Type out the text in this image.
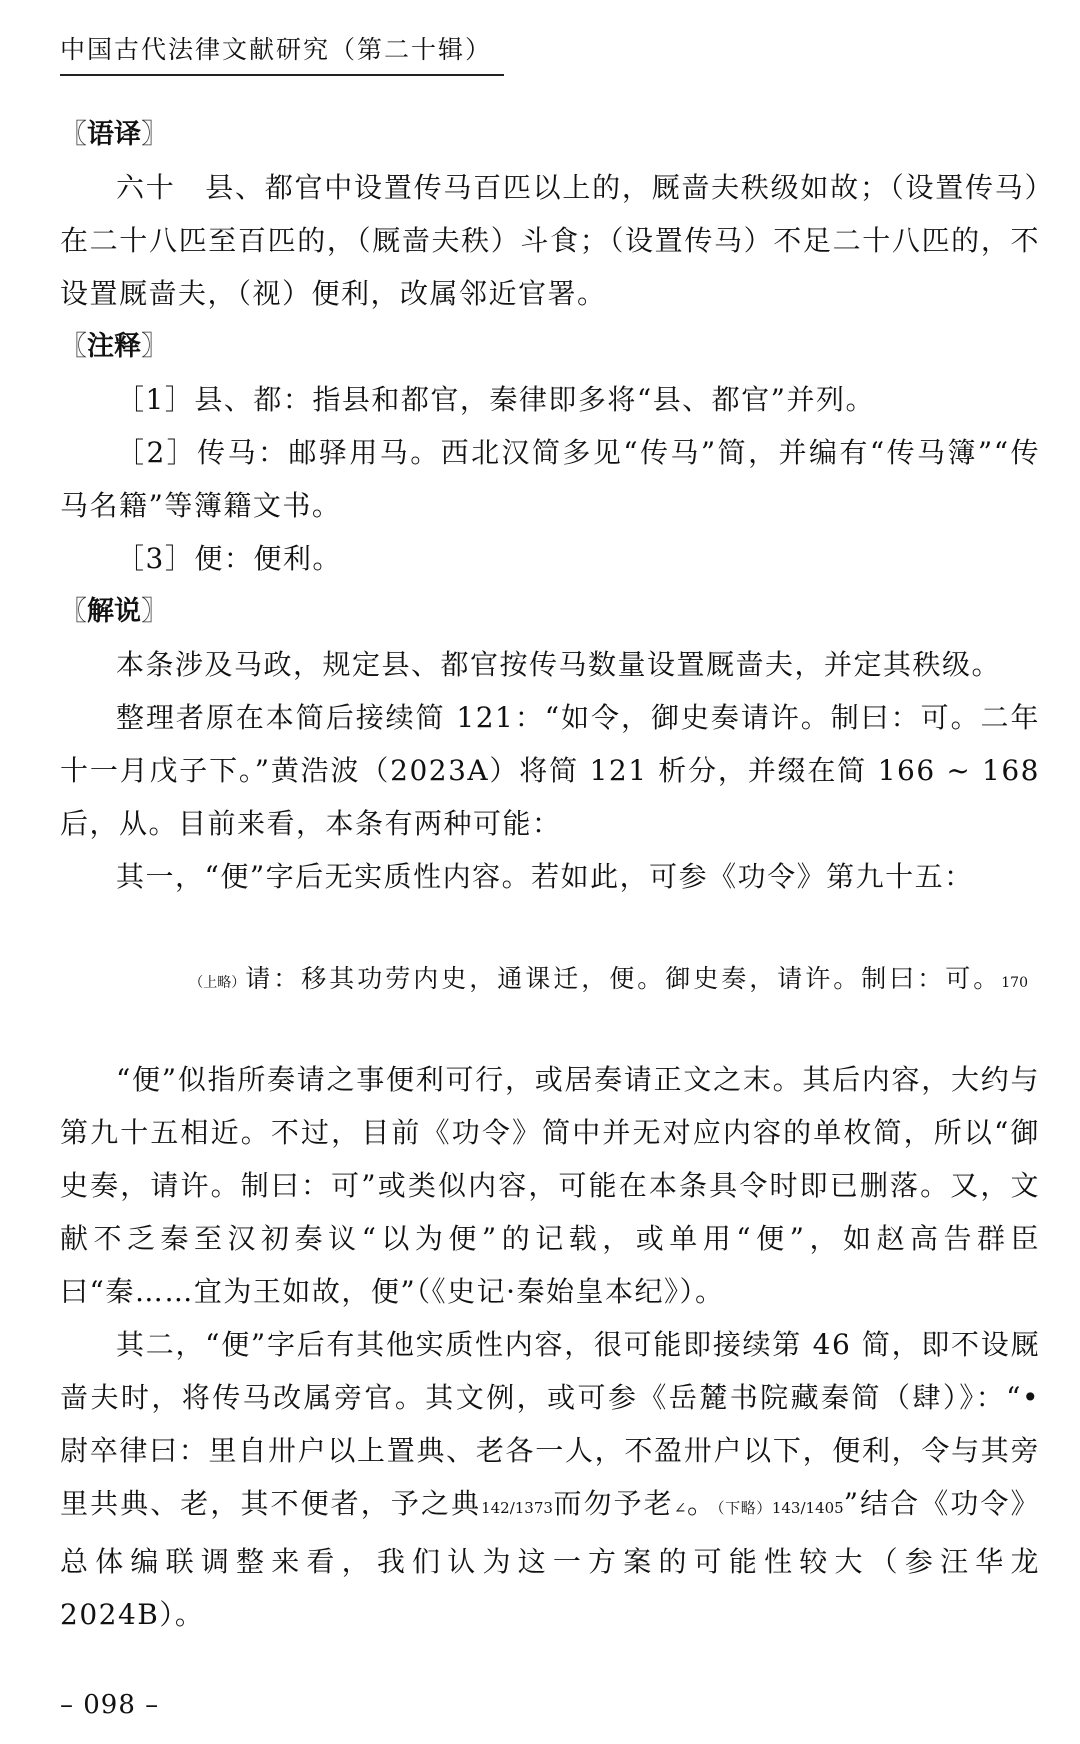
中国古代法律文献研究（第二十辑）
〖语译〗

六十　县、都官中设置传马百匹以上的，厩啬夫秩级如故；（设置传马）在二十八匹至百匹的，（厩啬夫秩）斗食；（设置传马）不足二十八匹的，不设置厩啬夫，（视）便利，改属邻近官署。

〖注释〗

［1］县、都：指县和都官，秦律即多将“县、都官”并列。

［2］传马：邮驿用马。西北汉简多见“传马”简，并编有“传马簿”“传马名籍”等簿籍文书。

［3］便：便利。

〖解说〗

本条涉及马政，规定县、都官按传马数量设置厩啬夫，并定其秩级。

整理者原在本简后接续简 121：“如令，御史奏请许。制曰：可。二年十一月戊子下。”黄浩波（2023A）将简 121 析分，并缀在简 166 ~ 168 后，从。目前来看，本条有两种可能：

其一，“便”字后无实质性内容。若如此，可参《功令》第九十五：

（上略）请：移其功劳内史，通课迁，便。御史奏，请许。制曰：可。170

“便”似指所奏请之事便利可行，或居奏请正文之末。其后内容，大约与第九十五相近。不过，目前《功令》简中并无对应内容的单枚简，所以“御史奏，请许。制曰：可”或类似内容，可能在本条具令时即已删落。又，文献不乏秦至汉初奏议“以为便”的记载，或单用“便”，如赵高告群臣曰“秦……宜为王如故，便”（《史记·秦始皇本纪》）。

其二，“便”字后有其他实质性内容，很可能即接续第 46 简，即不设厩啬夫时，将传马改属旁官。其文例，或可参《岳麓书院藏秦简（肆）》：“• 尉卒律曰：里自卅户以上置典、老各一人，不盈卅户以下，便利，令与其旁里共典、老，其不便者，予之典142/1373而勿予老∠。（下略）143/1405”结合《功令》总体编联调整来看，我们认为这一方案的可能性较大（参汪华龙 2024B）。

– 098 –
